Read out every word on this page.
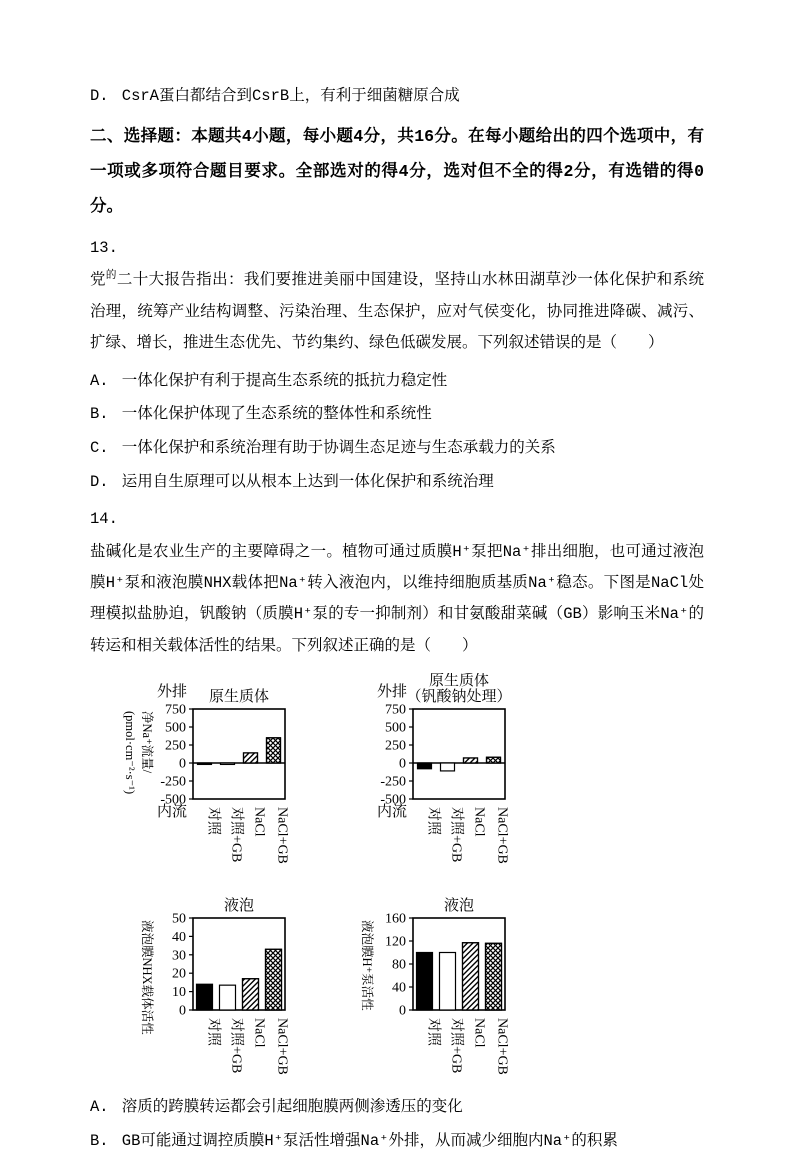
D. CsrA蛋白都结合到CsrB上，有利于细菌糖原合成

二、选择题：本题共4小题，每小题4分，共16分。在每小题给出的四个选项中，有一项或多项符合题目要求。全部选对的得4分，选对但不全的得2分，有选错的得0分。

13.

党$^的$二十大报告指出：我们要推进美丽中国建设，坚持山水林田湖草沙一体化保护和系统治理，统筹产业结构调整、污染治理、生态保护，应对气侯变化，协同推进降碳、减污、扩绿、增长，推进生态优先、节约集约、绿色低碳发展。下列叙述错误的是（　　）

A. 一体化保护有利于提高生态系统的抵抗力稳定性

B. 一体化保护体现了生态系统的整体性和系统性

C. 一体化保护和系统治理有助于协调生态足迹与生态承载力的关系

D. 运用自生原理可以从根本上达到一体化保护和系统治理

14.

盐碱化是农业生产的主要障碍之一。植物可通过质膜H⁺泵把Na⁺排出细胞，也可通过液泡膜H⁺泵和液泡膜NHX载体把Na⁺转入液泡内，以维持细胞质基质Na⁺稳态。下图是NaCl处理模拟盐胁迫，钒酸钠（质膜H⁺泵的专一抑制剂）和甘氨酸甜菜碱（GB）影响玉米Na⁺的转运和相关载体活性的结果。下列叙述正确的是（　　）

750
500
250
0
-250
-500
外排
内流
原生质体
净Na⁺流量/
(pmol·cm⁻²·s⁻¹)
对照 对照+GB NaCl NaCl+GB
750
500
250
0
-250
-500
外排
内流
原生质体
（钒酸钠处理）
对照 对照+GB NaCl NaCl+GB
50
40
30
20
10
0
液泡
液泡膜NHX载体活性	对照 对照+GB NaCl NaCl+GB
160
120
80
40
0
液泡
液泡膜H⁺泵活性
对照 对照+GB NaCl NaCl+GB

A. 溶质的跨膜转运都会引起细胞膜两侧渗透压的变化

B. GB可能通过调控质膜H⁺泵活性增强Na⁺外排，从而减少细胞内Na⁺的积累
